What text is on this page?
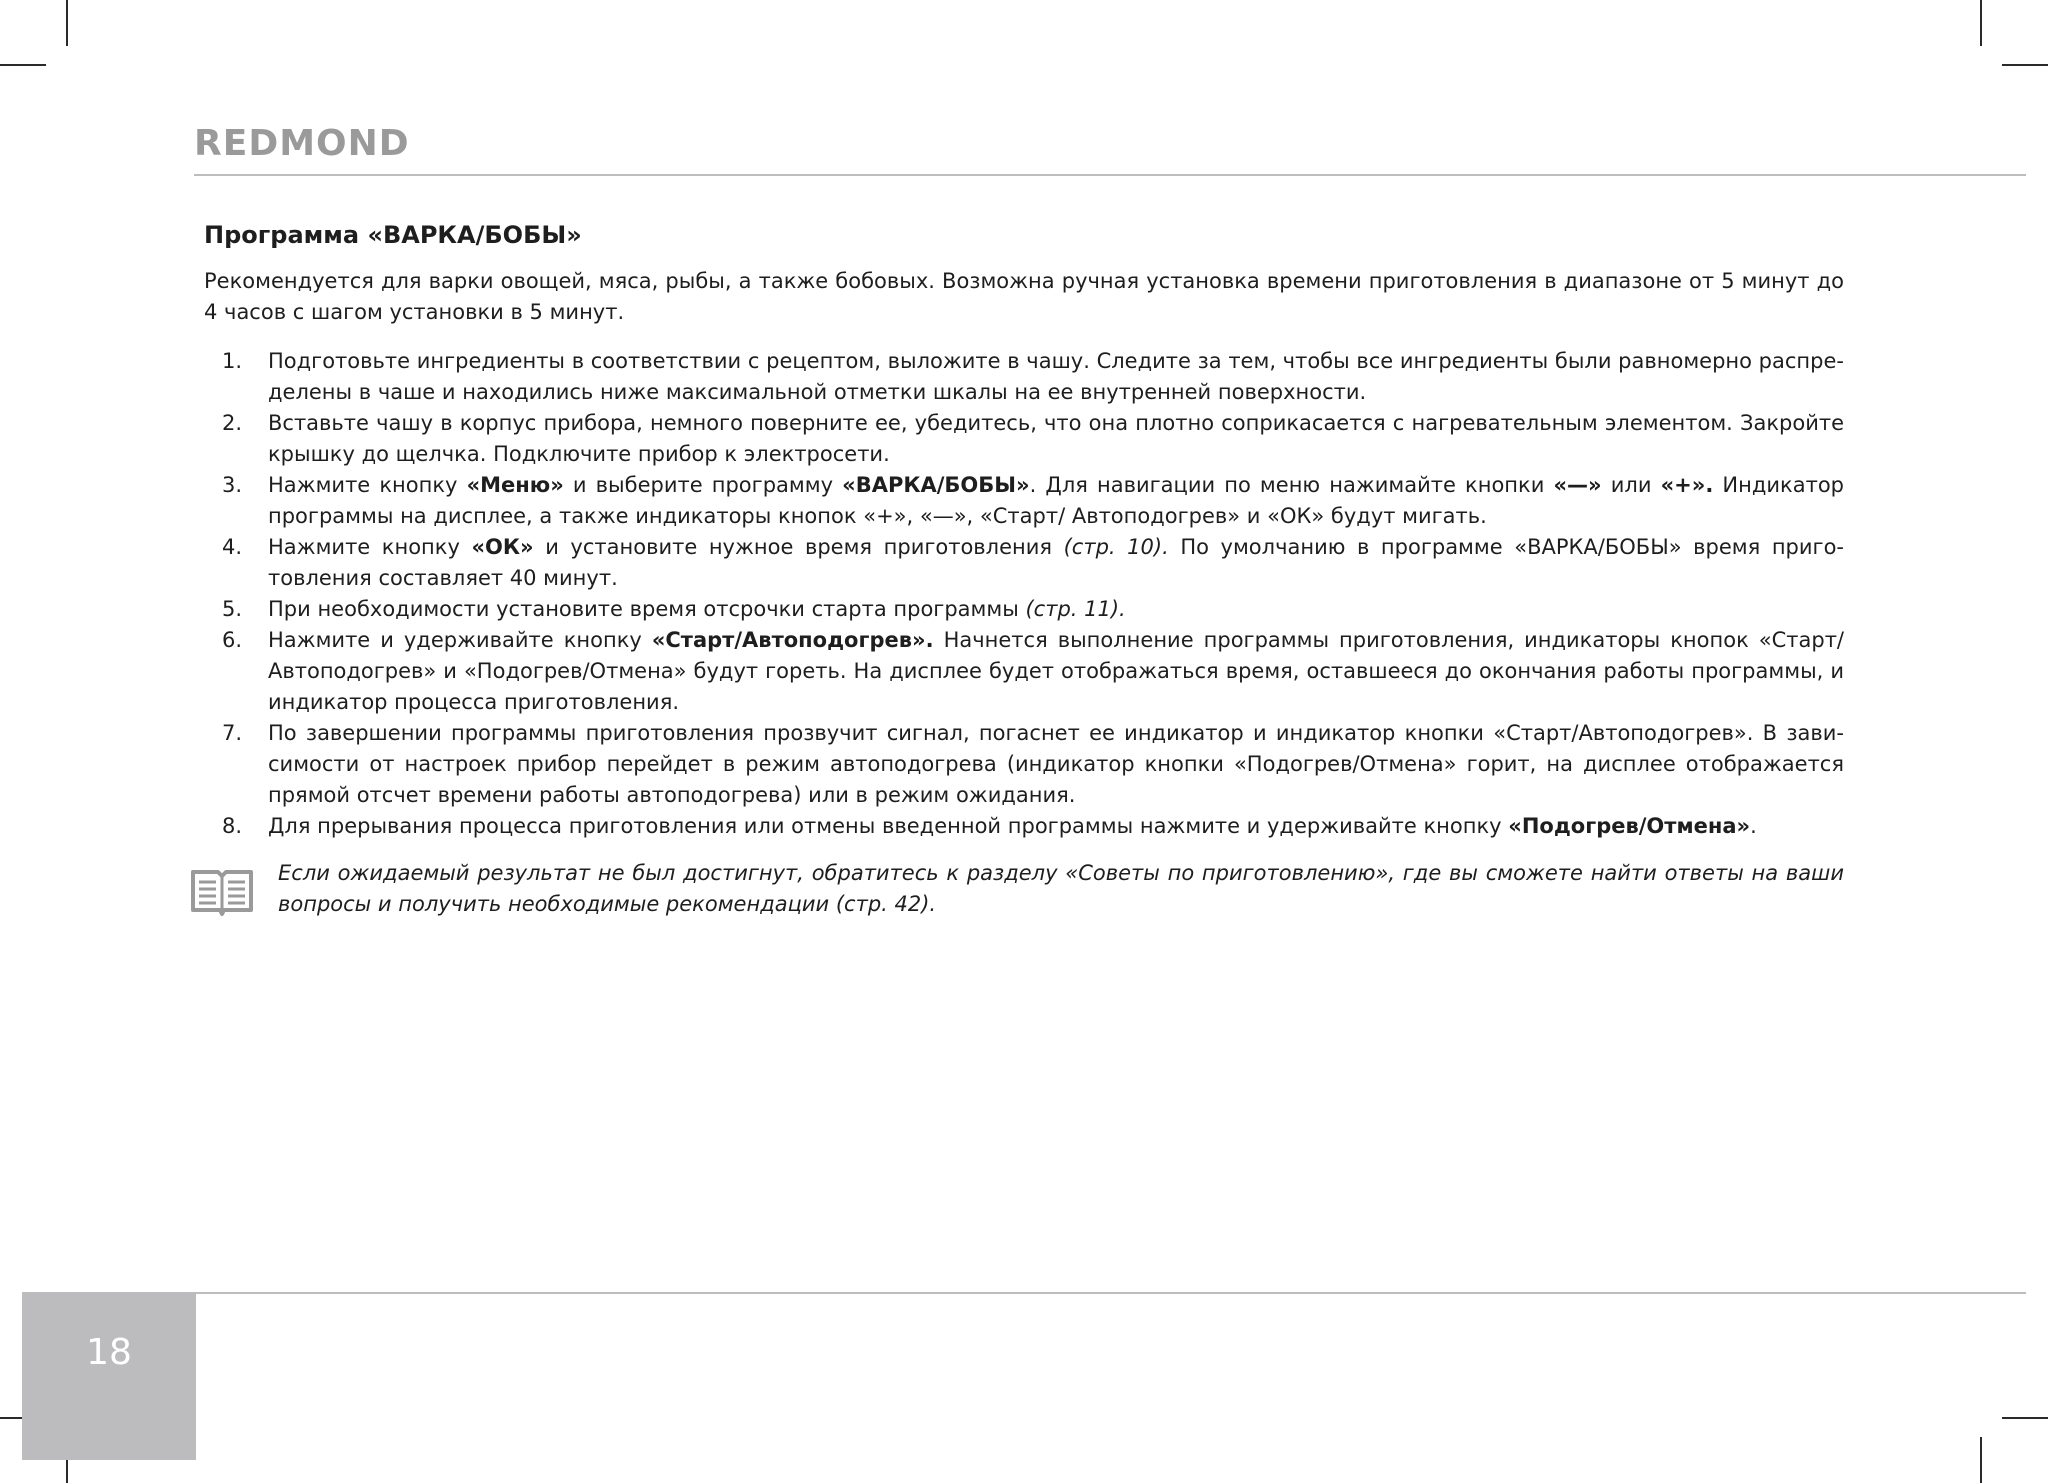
REDMOND
Программа «ВАРКА/БОБЫ»

Рекомендуется для варки овощей, мяса, рыбы, а также бобовых. Возможна ручная установка времени приготовления в диапазоне от 5 минут до 4 часов с шагом установки в 5 минут.

1. Подготовьте ингредиенты в соответствии с рецептом, выложите в чашу. Следите за тем, чтобы все ингредиенты были равномерно распре-делены в чаше и находились ниже максимальной отметки шкалы на ее внутренней поверхности.
2. Вставьте чашу в корпус прибора, немного поверните ее, убедитесь, что она плотно соприкасается с нагревательным элементом. Закройте крышку до щелчка. Подключите прибор к электросети.
3. Нажмите кнопку «Меню» и выберите программу «ВАРКА/БОБЫ». Для навигации по меню нажимайте кнопки «—» или «+». Индикатор программы на дисплее, а также индикаторы кнопок «+», «—», «Старт/ Автоподогрев» и «ОК» будут мигать.
4. Нажмите кнопку «ОК» и установите нужное время приготовления (стр. 10). По умолчанию в программе «ВАРКА/БОБЫ» время приго-товления составляет 40 минут.
5. При необходимости установите время отсрочки старта программы (стр. 11).
6. Нажмите и удерживайте кнопку «Старт/Автоподогрев». Начнется выполнение программы приготовления, индикаторы кнопок «Старт/ Автоподогрев» и «Подогрев/Отмена» будут гореть. На дисплее будет отображаться время, оставшееся до окончания работы программы, и индикатор процесса приготовления.
7. По завершении программы приготовления прозвучит сигнал, погаснет ее индикатор и индикатор кнопки «Старт/Автоподогрев». В зави-симости от настроек прибор перейдет в режим автоподогрева (индикатор кнопки «Подогрев/Отмена» горит, на дисплее отображается прямой отсчет времени работы автоподогрева) или в режим ожидания.
8. Для прерывания процесса приготовления или отмены введенной программы нажмите и удерживайте кнопку «Подогрев/Отмена».
Если ожидаемый результат не был достигнут, обратитесь к разделу «Советы по приготовлению», где вы сможете найти ответы на ваши вопросы и получить необходимые рекомендации (стр. 42).
18
